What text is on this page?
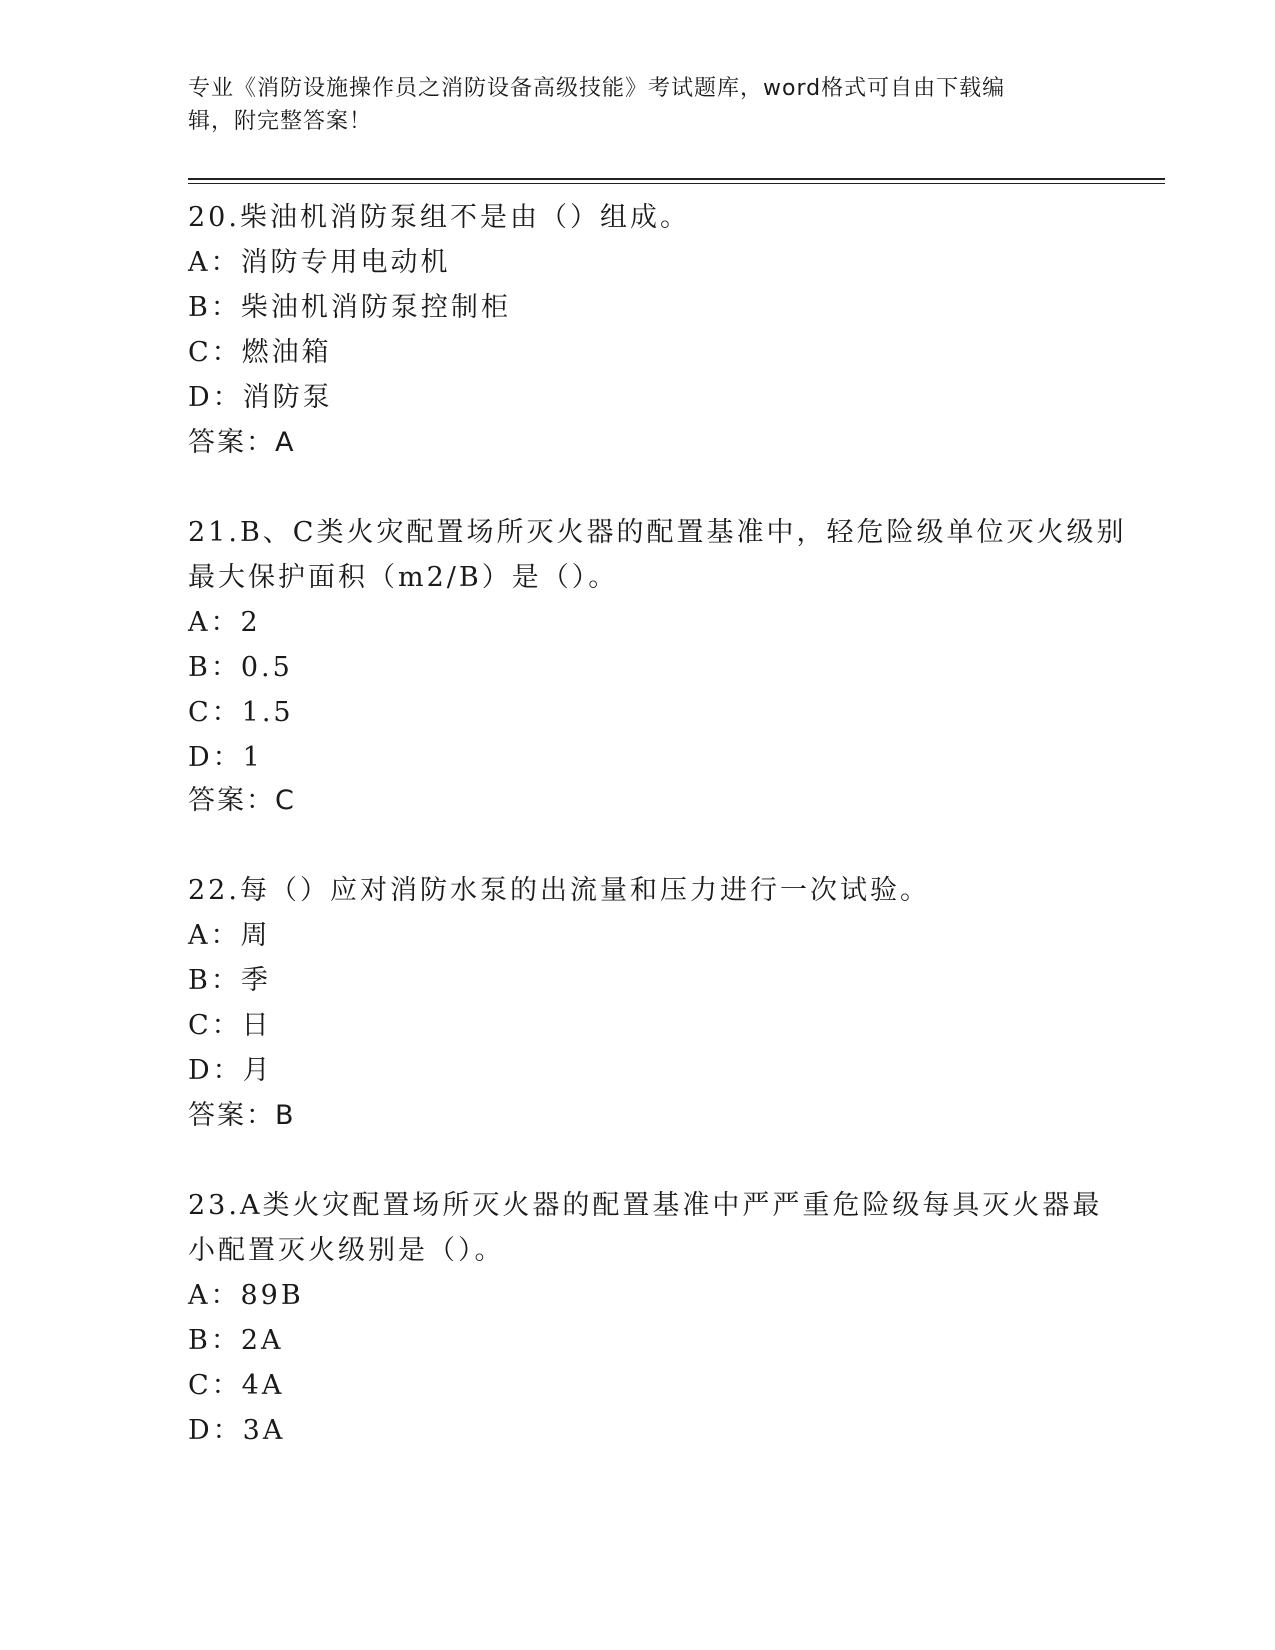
专业《消防设施操作员之消防设备高级技能》考试题库，word格式可自由下载编
辑，附完整答案！
20.柴油机消防泵组不是由（）组成。
A：消防专用电动机
B：柴油机消防泵控制柜
C：燃油箱
D：消防泵
答案：A
21.B、C类火灾配置场所灭火器的配置基准中，轻危险级单位灭火级别
最大保护面积（m2/B）是（）。
A：2
B：0.5
C：1.5
D：1
答案：C
22.每（）应对消防水泵的出流量和压力进行一次试验。
A：周
B：季
C：日
D：月
答案：B
23.A类火灾配置场所灭火器的配置基准中严严重危险级每具灭火器最
小配置灭火级别是（）。
A：89B
B：2A
C：4A
D：3A
